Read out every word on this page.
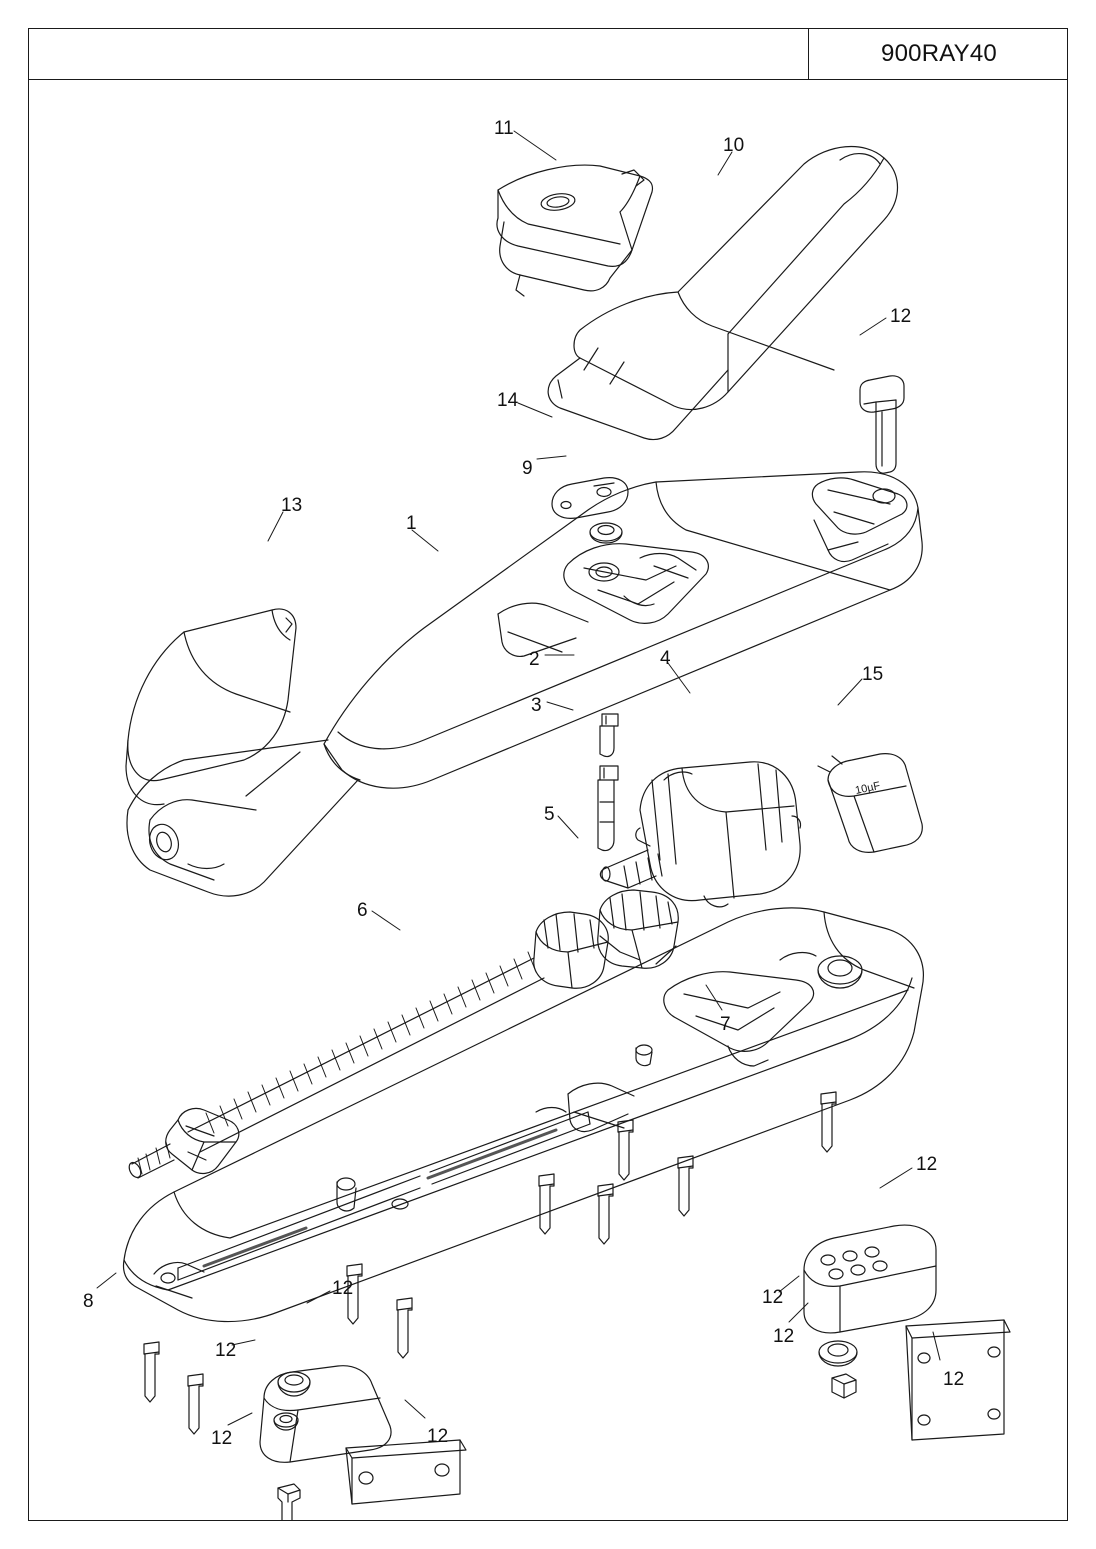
900RAY40
10µF
11
10
12
14
9
13
1
2	4
15
3
5
6
7
12
8
12	12
12
12
12
12	12
